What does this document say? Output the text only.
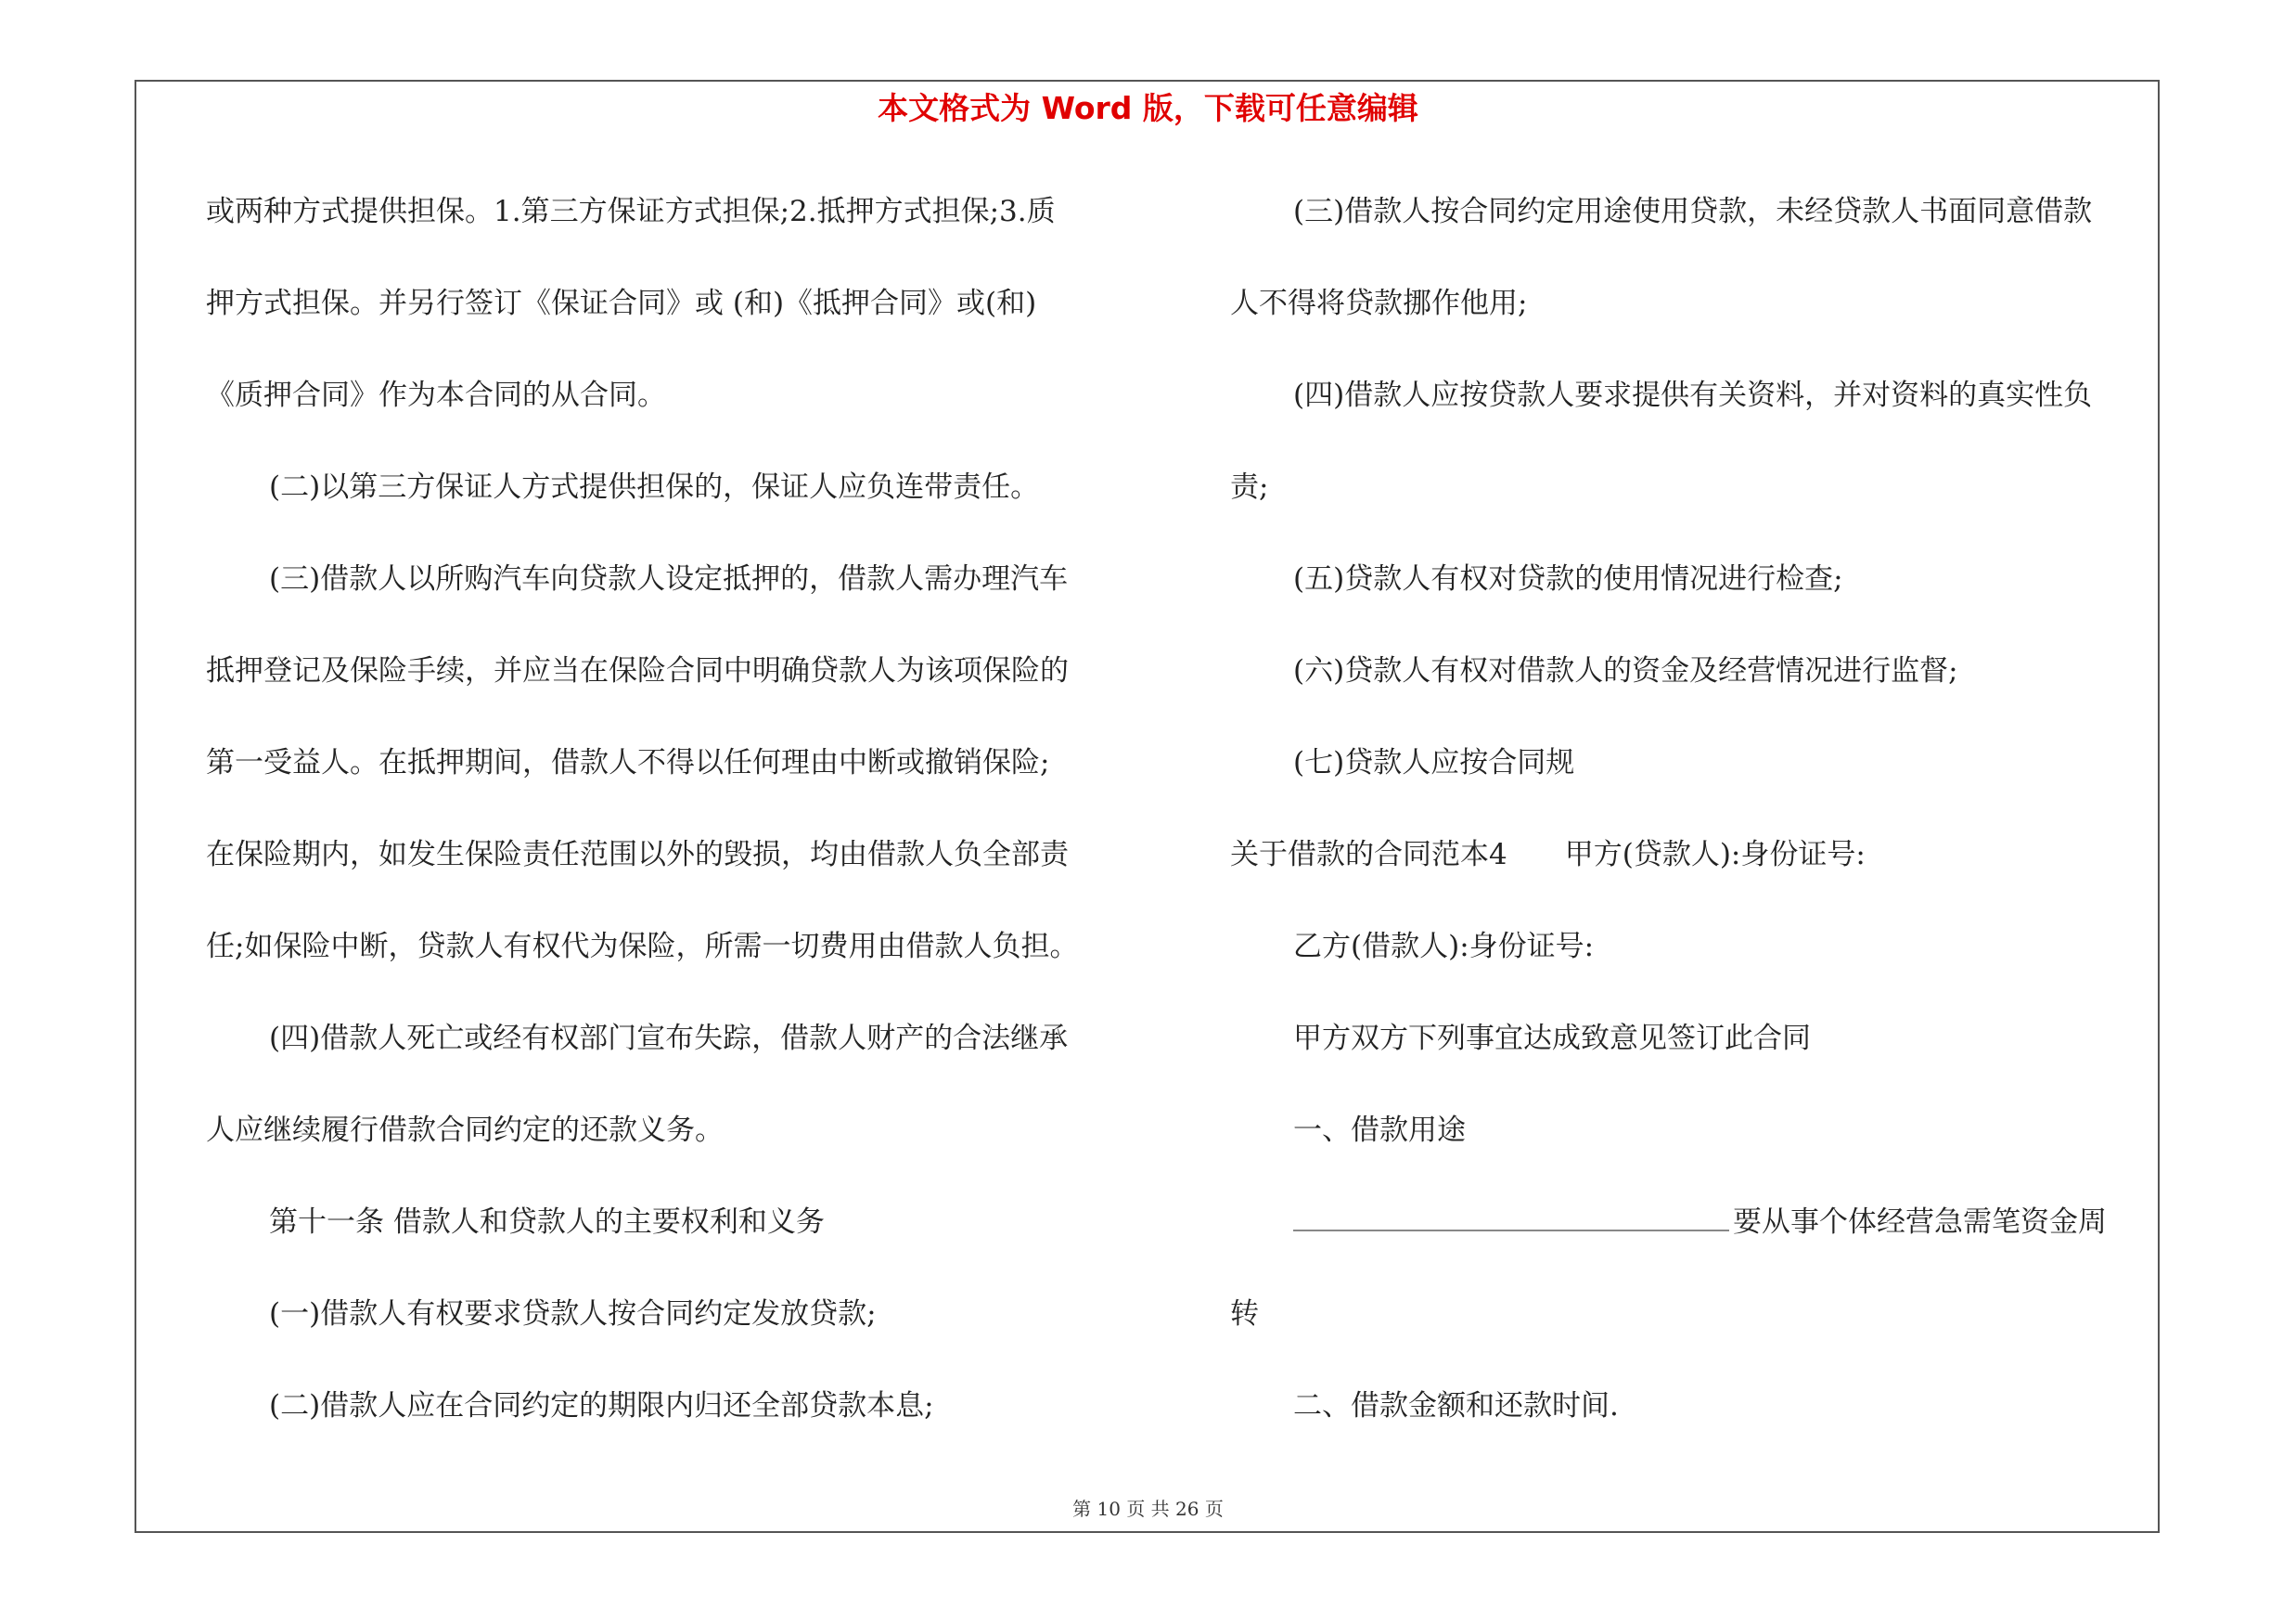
本文格式为 Word 版，下载可任意编辑
或两种方式提供担保。1.第三方保证方式担保;2.抵押方式担保;3.质
押方式担保。并另行签订《保证合同》或 (和)《抵押合同》或(和)
《质押合同》作为本合同的从合同。
(二)以第三方保证人方式提供担保的，保证人应负连带责任。
(三)借款人以所购汽车向贷款人设定抵押的，借款人需办理汽车
抵押登记及保险手续，并应当在保险合同中明确贷款人为该项保险的
第一受益人。在抵押期间，借款人不得以任何理由中断或撤销保险;
在保险期内，如发生保险责任范围以外的毁损，均由借款人负全部责
任;如保险中断，贷款人有权代为保险，所需一切费用由借款人负担。
(四)借款人死亡或经有权部门宣布失踪，借款人财产的合法继承
人应继续履行借款合同约定的还款义务。
第十一条 借款人和贷款人的主要权利和义务
(一)借款人有权要求贷款人按合同约定发放贷款;
(二)借款人应在合同约定的期限内归还全部贷款本息;
(三)借款人按合同约定用途使用贷款，未经贷款人书面同意借款
人不得将贷款挪作他用;
(四)借款人应按贷款人要求提供有关资料，并对资料的真实性负
责;
(五)贷款人有权对贷款的使用情况进行检查;
(六)贷款人有权对借款人的资金及经营情况进行监督;
(七)贷款人应按合同规
关于借款的合同范本4　　甲方(贷款人):身份证号:
乙方(借款人):身份证号:
甲方双方下列事宜达成致意见签订此合同
一、借款用途
要从事个体经营急需笔资金周
转
二、借款金额和还款时间.
第 10 页 共 26 页
